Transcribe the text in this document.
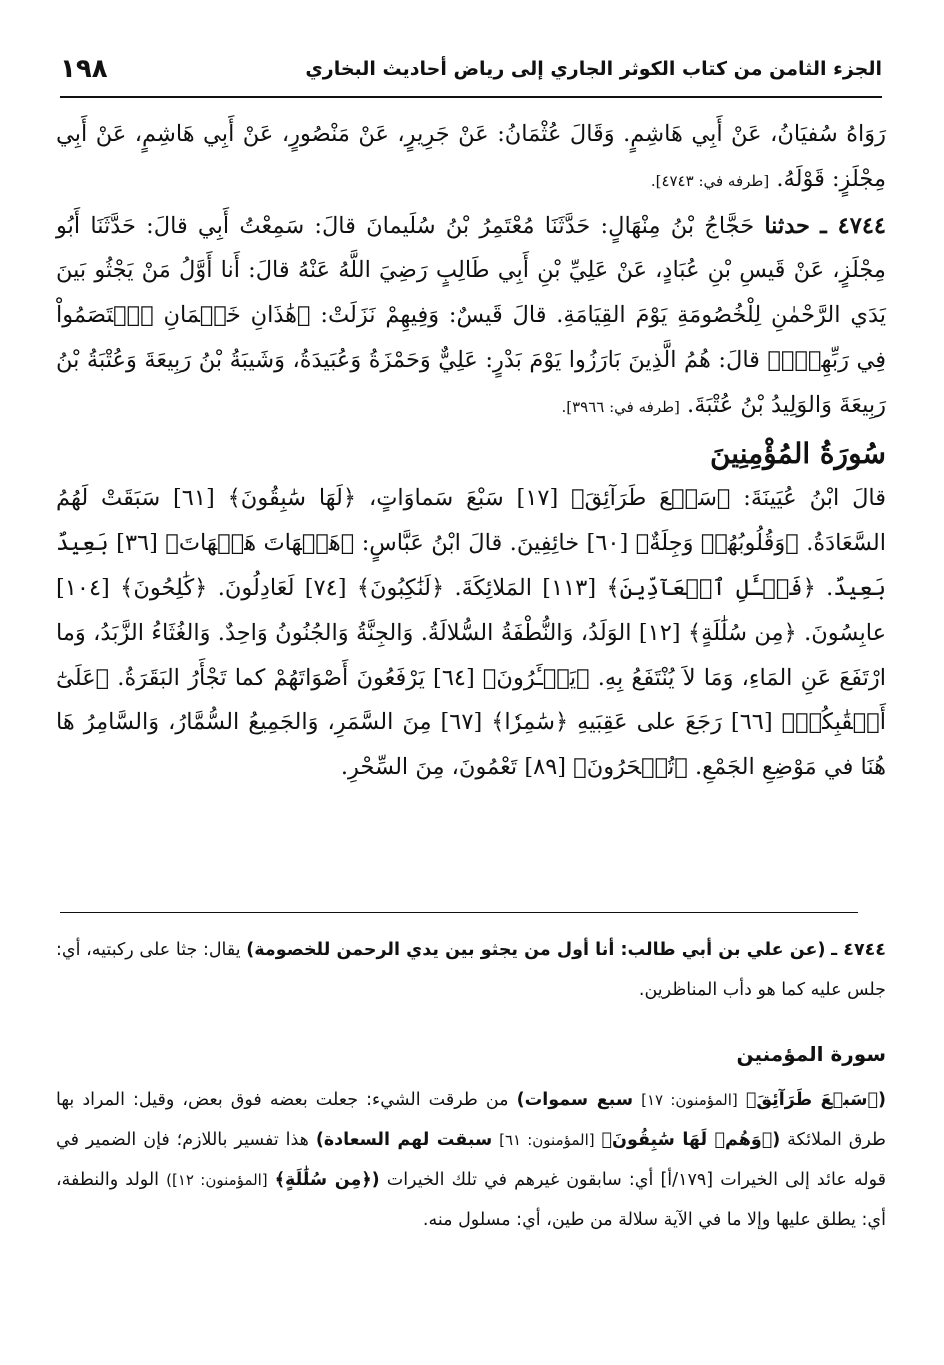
١٩٨	الجزء الثامن من كتاب الكوثر الجاري إلى رياض أحاديث البخاري

رَوَاهُ سُفيَانُ، عَنْ أَبِي هَاشِمٍ. وَقَالَ عُثْمَانُ: عَنْ جَرِيرٍ، عَنْ مَنْصُورٍ، عَنْ أَبِي هَاشِمٍ، عَنْ أَبِي مِجْلَزٍ: قَوْلَهُ. [طرفه في: ٤٧٤٣].

٤٧٤٤ ـ حدثنا حَجَّاجُ بْنُ مِنْهَالٍ: حَدَّثَنَا مُعْتَمِرُ بْنُ سُلَيمانَ قالَ: سَمِعْتُ أَبِي قالَ: حَدَّثَنَا أَبُو مِجْلَزٍ، عَنْ قَيسِ بْنِ عُبَادٍ، عَنْ عَلِيِّ بْنِ أَبِي طَالِبٍ رَضِيَ اللَّهُ عَنْهُ قالَ: أَنا أَوَّلُ مَنْ يَجْثُو بَينَ يَدَي الرَّحْمٰنِ لِلْخُصُومَةِ يَوْمَ القِيَامَةِ. قالَ قَيسٌ: وَفِيهِمْ نَزَلَتْ: ﴿هَٰذَانِ خَصۡمَانِ ٱخۡتَصَمُواْ فِي رَبِّهِمۡۖ﴾ قالَ: هُمُ الَّذِينَ بَارَزُوا يَوْمَ بَدْرٍ: عَلِيٌّ وَحَمْزَةُ وَعُبَيدَةُ، وَشَيبَةُ بْنُ رَبِيعَةَ وَعُتْبَةُ بْنُ رَبِيعَةَ وَالوَلِيدُ بْنُ عُتْبَةَ. [طرفه في: ٣٩٦٦].

سُورَةُ المُؤْمِنِينَ

قالَ ابْنُ عُيَينَةَ: ﴿سَبۡعَ طَرَآئِقَ﴾ [١٧] سَبْعَ سَماوَاتٍ، ﴿لَهَا سَٰبِقُونَ﴾ [٦١] سَبَقَتْ لَهُمُ السَّعَادَةُ. ﴿وَقُلُوبُهُمۡ وَجِلَةٌ﴾ [٦٠] خائِفِينَ. قالَ ابْنُ عَبَّاسٍ: ﴿هَيۡهَاتَ هَيۡهَاتَ﴾ [٣٦] بَعِيدٌ بَعِيدٌ. ﴿فَسۡـَٔلِ ٱلۡعَآدِّينَ﴾ [١١٣] المَلائِكَةَ. ﴿لَنَٰكِبُونَ﴾ [٧٤] لَعَادِلُونَ. ﴿كَٰلِحُونَ﴾ [١٠٤] عابِسُونَ. ﴿مِن سُلَٰلَةٍ﴾ [١٢] الوَلَدُ، وَالنُّطْفَةُ السُّلالَةُ. وَالجِنَّةُ وَالجُنُونُ وَاحِدٌ. وَالغُثَاءُ الزَّبَدُ، وَما ارْتَفَعَ عَنِ المَاءِ، وَمَا لاَ يُنْتَفَعُ بِهِ. ﴿يَجۡـَٔرُونَ﴾ [٦٤] يَرْفَعُونَ أَصْوَاتَهُمْ كما تَجْأَرُ البَقَرَةُ. ﴿عَلَىٰٓ أَعۡقَٰبِكُمۡ﴾ [٦٦] رَجَعَ على عَقِبَيهِ ﴿سَٰمِرٗا﴾ [٦٧] مِنَ السَّمَرِ، وَالجَمِيعُ السُّمَّارُ، وَالسَّامِرُ هَا هُنَا في مَوْضِعِ الجَمْعِ. ﴿تُسۡحَرُونَ﴾ [٨٩] تَعْمُونَ، مِنَ السِّحْرِ.

٤٧٤٤ ـ (عن علي بن أبي طالب: أنا أول من يجثو بين يدي الرحمن للخصومة) يقال: جثا على ركبتيه، أي: جلس عليه كما هو دأب المناظرين.

سورة المؤمنين

(﴿سَبۡعَ طَرَآئِقَ﴾ [المؤمنون: ١٧] سبع سموات) من طرقت الشيء: جعلت بعضه فوق بعض، وقيل: المراد بها طرق الملائكة (﴿وَهُمۡ لَهَا سَٰبِقُونَ﴾ [المؤمنون: ٦١] سبقت لهم السعادة) هذا تفسير باللازم؛ فإن الضمير في قوله عائد إلى الخيرات [١٧٩/أ] أي: سابقون غيرهم في تلك الخيرات (﴿مِن سُلَٰلَةٍ﴾ [المؤمنون: ١٢]) الولد والنطفة، أي: يطلق عليها وإلا ما في الآية سلالة من طين، أي: مسلول منه.
